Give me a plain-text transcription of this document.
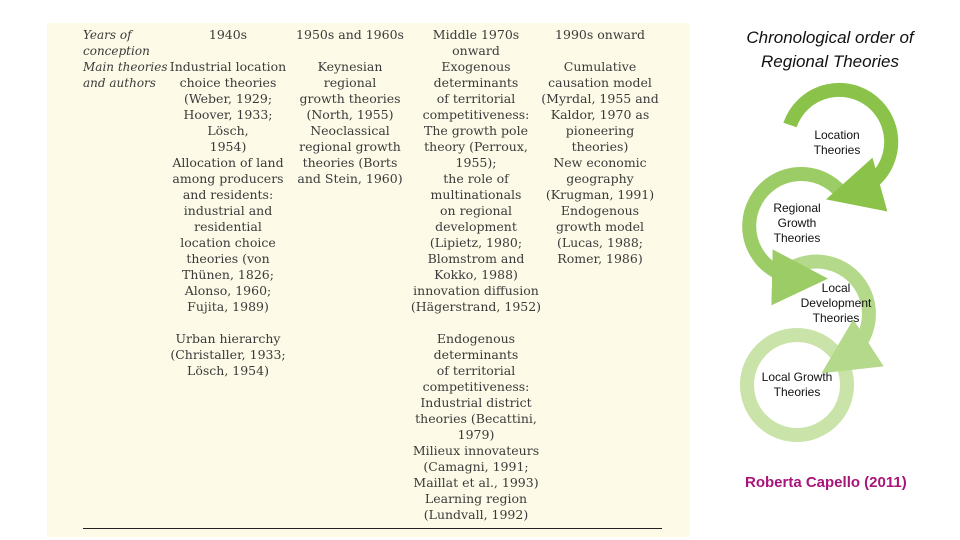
Years of
conception
Main theories
and authors
1940s	1950s and 1960s	Middle 1970s
onward
1990s onward
Industrial location
choice theories
(Weber, 1929;
Hoover, 1933; Lösch,
1954)
Allocation of land
among producers
and residents:
industrial and
residential
location choice
theories (von
Thünen, 1826;
Alonso, 1960;
Fujita, 1989)
Urban hierarchy
(Christaller, 1933;
Lösch, 1954)
Keynesian regional
growth theories
(North, 1955)
Neoclassical
regional growth
theories (Borts
and Stein, 1960)
Exogenous
determinants
of territorial
competitiveness:
The growth pole
theory (Perroux,
1955);
the role of
multinationals
on regional
development
(Lipietz, 1980;
Blomstrom and
Kokko, 1988)
innovation diffusion
(Hägerstrand, 1952)
Endogenous
determinants
of territorial
competitiveness:
Industrial district
theories (Becattini,
1979)
Milieux innovateurs
(Camagni, 1991;
Maillat et al., 1993)
Learning region
(Lundvall, 1992)
Cumulative
causation model
(Myrdal, 1955 and
Kaldor, 1970 as
pioneering
theories)
New economic
geography
(Krugman, 1991)
Endogenous
growth model
(Lucas, 1988;
Romer, 1986)
Chronological order of
Regional Theories
Location
Theories
Regional
Growth
Theories
Local
Development
Theories
Local Growth
Theories
Roberta Capello (2011)
